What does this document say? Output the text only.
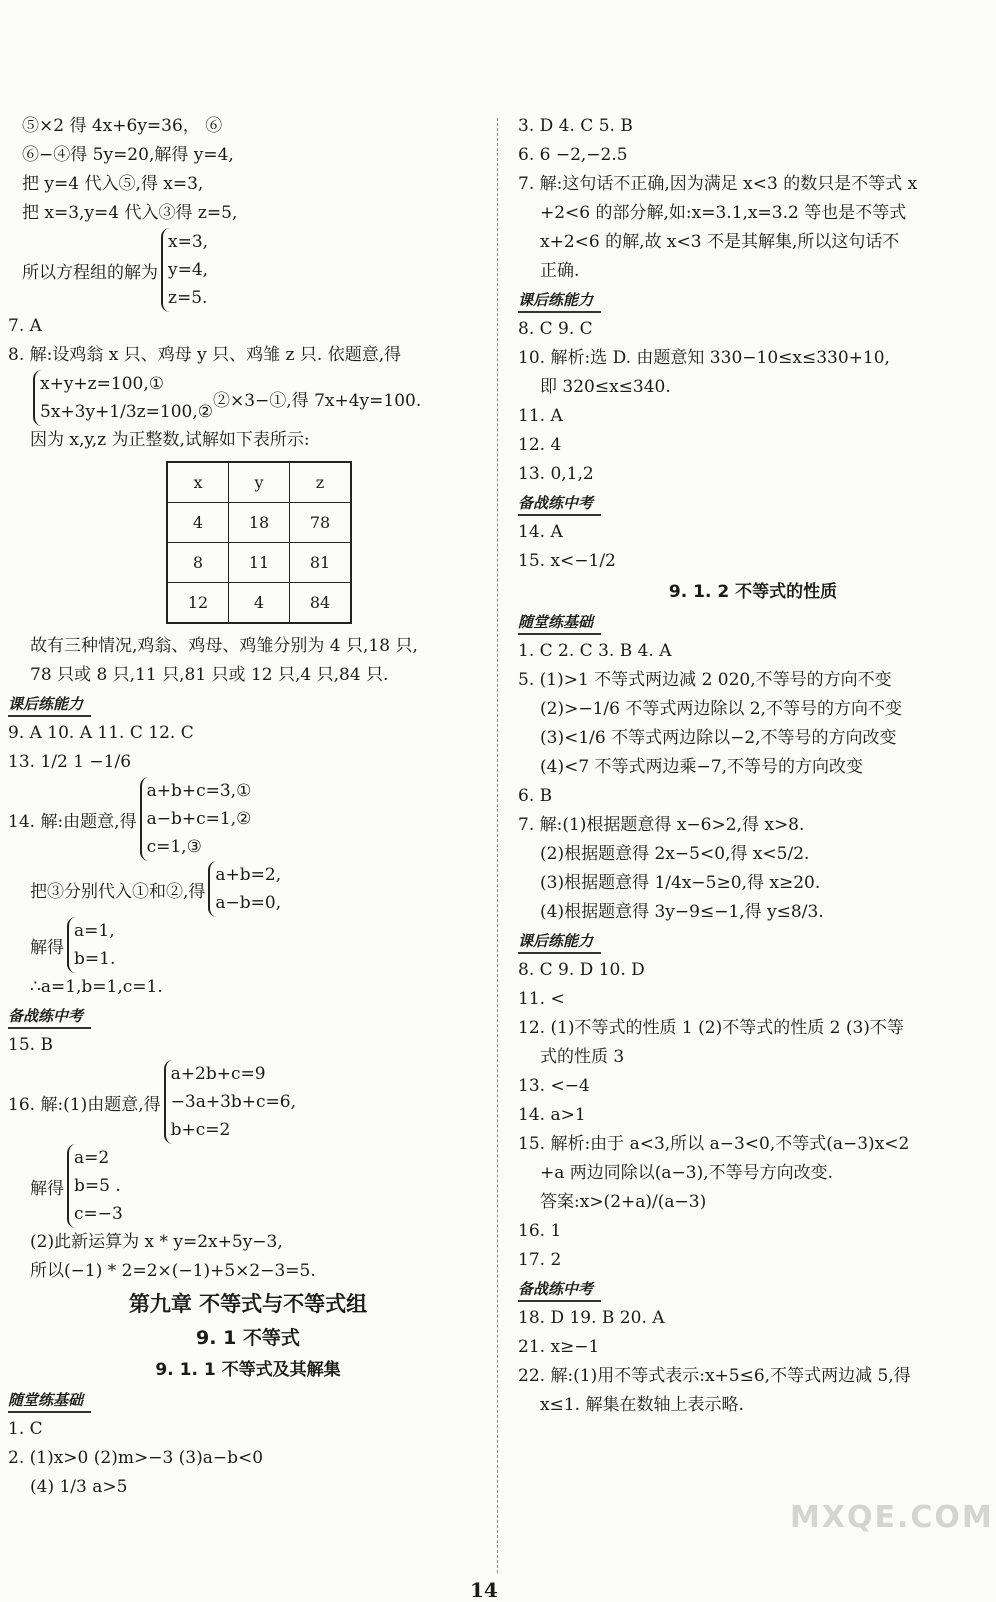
⑤×2 得 4x+6y=36， ⑥
⑥−④得 5y=20,解得 y=4,
把 y=4 代入⑤,得 x=3,
把 x=3,y=4 代入③得 z=5,
所以方程组的解为
x=3,
y=4,
z=5.
7. A
8. 解:设鸡翁 x 只、鸡母 y 只、鸡雏 z 只. 依题意,得
x+y+z=100,①
5x+3y+1/3z=100,②
②×3−①,得 7x+4y=100.
因为 x,y,z 为正整数,试解如下表所示:
x	y	z
4	18	78
8	11	81
12	4	84
故有三种情况,鸡翁、鸡母、鸡雏分别为 4 只,18 只,
78 只或 8 只,11 只,81 只或 12 只,4 只,84 只.
课后练能力
9. A 10. A 11. C 12. C
13. 1/2 1 −1/6
14. 解:由题意,得
a+b+c=3,①
a−b+c=1,②
c=1,③
把③分别代入①和②,得
a+b=2,
a−b=0,
解得
a=1,
b=1.
∴a=1,b=1,c=1.
备战练中考
15. B
16. 解:(1)由题意,得
a+2b+c=9
−3a+3b+c=6,
b+c=2
解得
a=2
b=5 .
c=−3
(2)此新运算为 x * y=2x+5y−3,
所以(−1) * 2=2×(−1)+5×2−3=5.
第九章 不等式与不等式组
9. 1 不等式
9. 1. 1 不等式及其解集
随堂练基础
1. C
2. (1)x>0 (2)m>−3 (3)a−b<0
(4) 1/3 a>5
3. D 4. C 5. B
6. 6 −2,−2.5
7. 解:这句话不正确,因为满足 x<3 的数只是不等式 x
+2<6 的部分解,如:x=3.1,x=3.2 等也是不等式
x+2<6 的解,故 x<3 不是其解集,所以这句话不
正确.
课后练能力
8. C 9. C
10. 解析:选 D. 由题意知 330−10≤x≤330+10,
即 320≤x≤340.
11. A
12. 4
13. 0,1,2
备战练中考
14. A
15. x<−1/2
9. 1. 2 不等式的性质
随堂练基础
1. C 2. C 3. B 4. A
5. (1)>1 不等式两边减 2 020,不等号的方向不变
(2)>−1/6 不等式两边除以 2,不等号的方向不变
(3)<1/6 不等式两边除以−2,不等号的方向改变
(4)<7 不等式两边乘−7,不等号的方向改变
6. B
7. 解:(1)根据题意得 x−6>2,得 x>8.
(2)根据题意得 2x−5<0,得 x<5/2.
(3)根据题意得 1/4x−5≥0,得 x≥20.
(4)根据题意得 3y−9≤−1,得 y≤8/3.
课后练能力
8. C 9. D 10. D
11. <
12. (1)不等式的性质 1 (2)不等式的性质 2 (3)不等
式的性质 3
13. <−4
14. a>1
15. 解析:由于 a<3,所以 a−3<0,不等式(a−3)x<2
+a 两边同除以(a−3),不等号方向改变.
答案:x>(2+a)/(a−3)
16. 1
17. 2
备战练中考
18. D 19. B 20. A
21. x≥−1
22. 解:(1)用不等式表示:x+5≤6,不等式两边减 5,得
x≤1. 解集在数轴上表示略.
MXQE.COM
14
